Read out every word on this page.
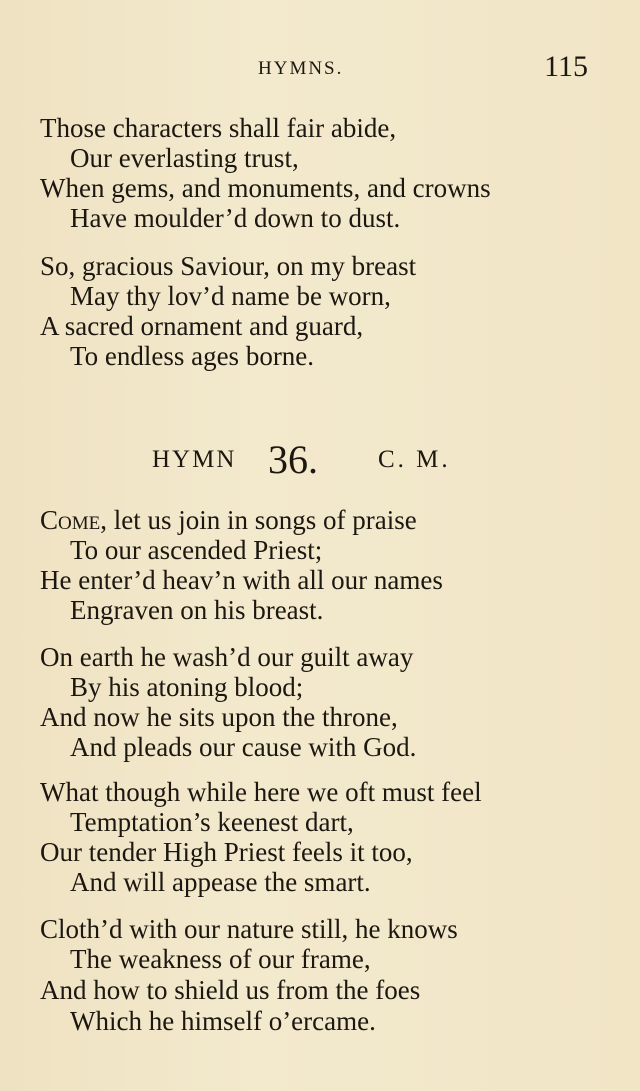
HYMNS.	115
Those characters shall fair abide,
Our everlasting trust,
When gems, and monuments, and crowns
Have moulder’d down to dust.
So, gracious Saviour, on my breast
May thy lov’d name be worn,
A sacred ornament and guard,
To endless ages borne.
HYMN 36. C. M.
Come, let us join in songs of praise
To our ascended Priest;
He enter’d heav’n with all our names
Engraven on his breast.
On earth he wash’d our guilt away
By his atoning blood;
And now he sits upon the throne,
And pleads our cause with God.
What though while here we oft must feel
Temptation’s keenest dart,
Our tender High Priest feels it too,
And will appease the smart.
Cloth’d with our nature still, he knows
The weakness of our frame,
And how to shield us from the foes
Which he himself o’ercame.
